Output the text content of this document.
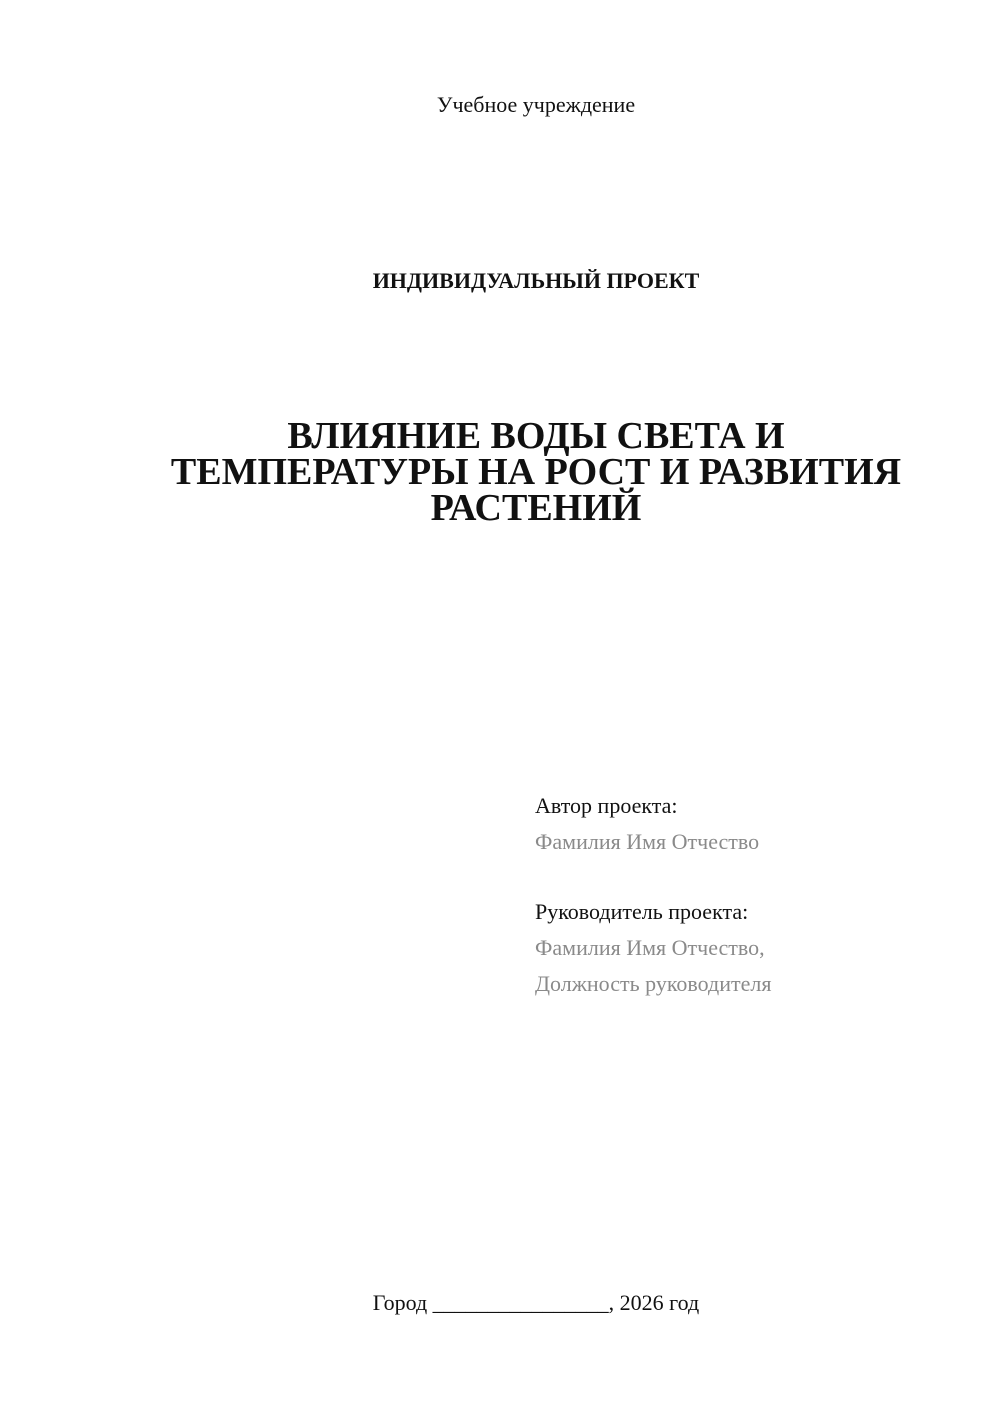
Учебное учреждение
ИНДИВИДУАЛЬНЫЙ ПРОЕКТ
ВЛИЯНИЕ ВОДЫ СВЕТА И
ТЕМПЕРАТУРЫ НА РОСТ И РАЗВИТИЯ
РАСТЕНИЙ
Автор проекта:
Фамилия Имя Отчество
Руководитель проекта:
Фамилия Имя Отчество,
Должность руководителя
Город ________________, 2026 год
